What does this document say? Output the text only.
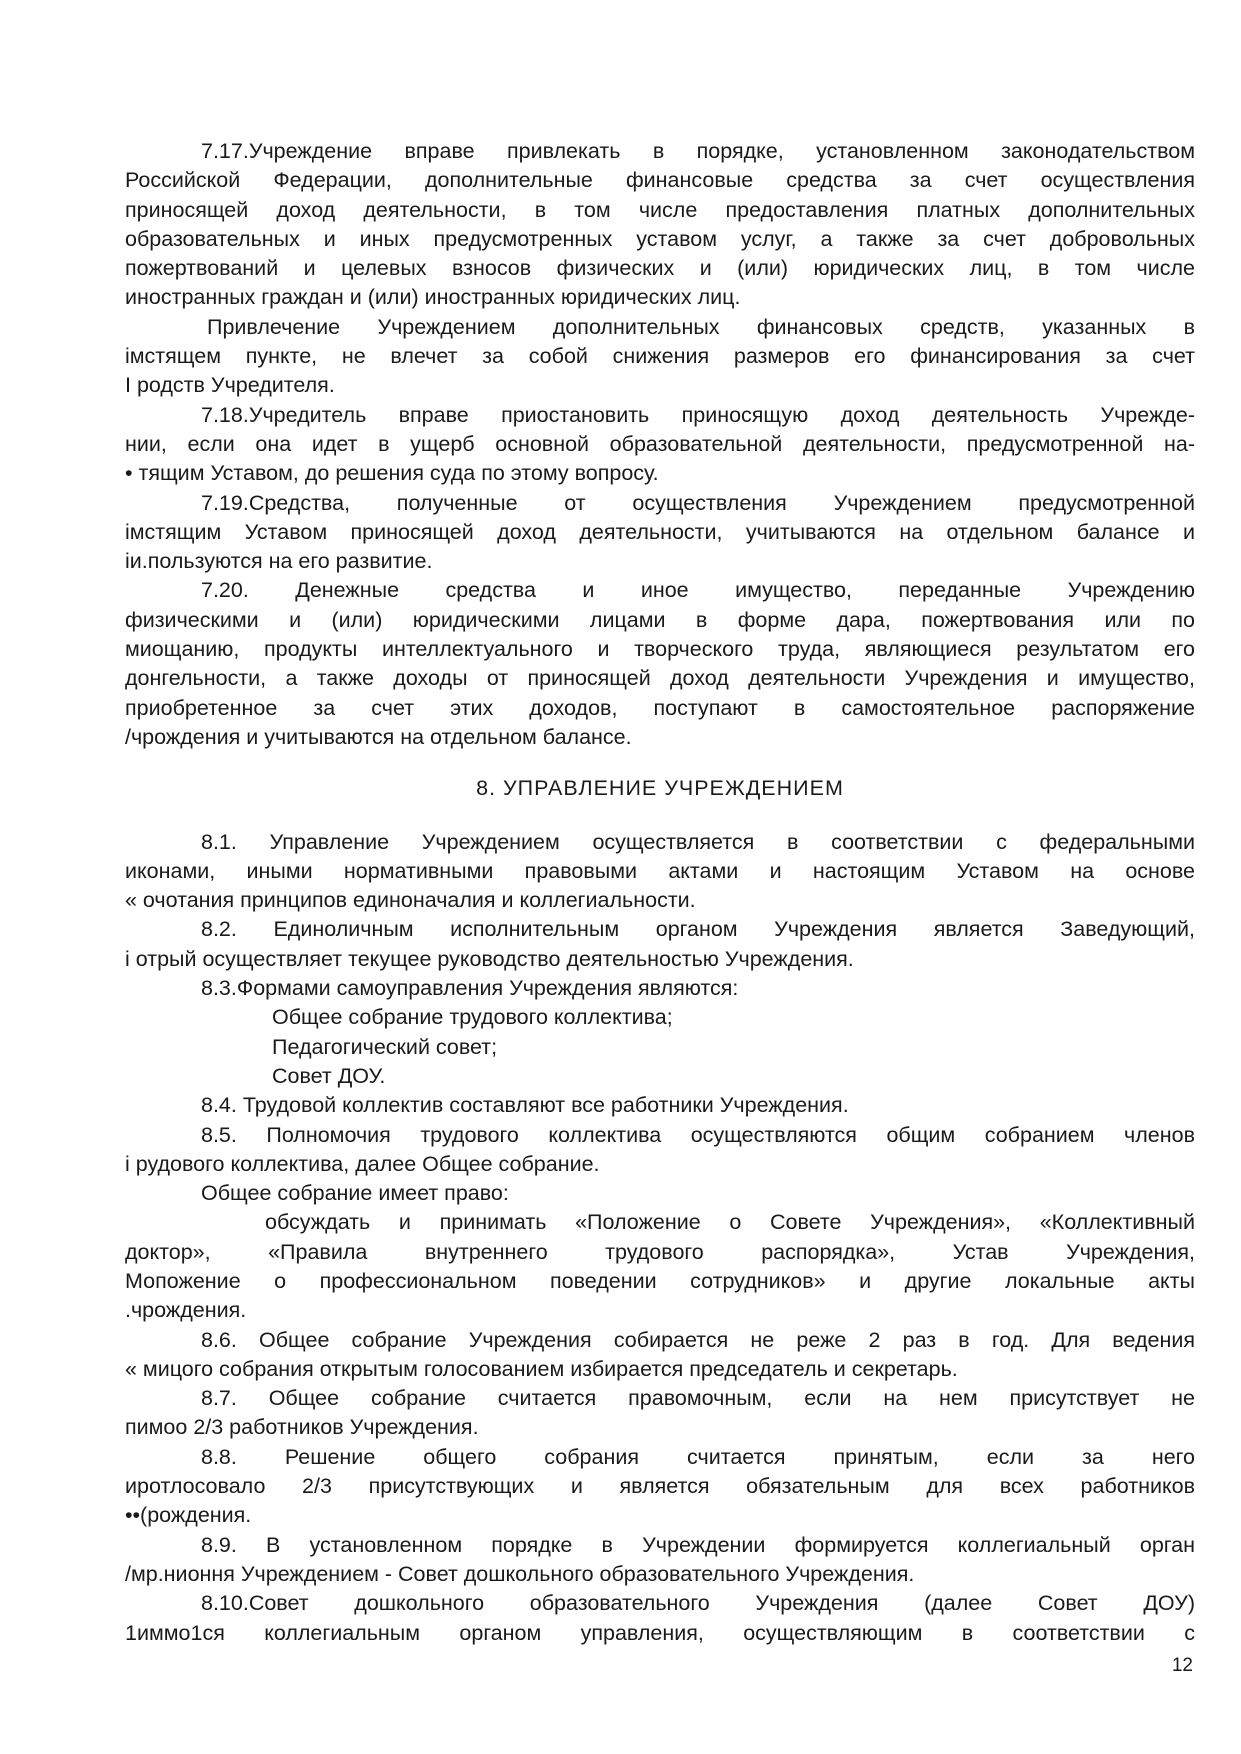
7.17.Учреждение вправе привлекать в порядке, установленном законодательством
Российской Федерации, дополнительные финансовые средства за счет осуществления
приносящей доход деятельности, в том числе предоставления платных дополнительных
образовательных и иных предусмотренных уставом услуг, а также за счет добровольных
пожертвований и целевых взносов физических и (или) юридических лиц, в том числе
иностранных граждан и (или) иностранных юридических лиц.

Привлечение Учреждением дополнительных финансовых средств, указанных в
імстящем пункте, не влечет за собой снижения размеров его финансирования за счет
І родств Учредителя.

7.18.Учредитель вправе приостановить приносящую доход деятельность Учрежде-
нии, если она идет в ущерб основной образовательной деятельности, предусмотренной на-
• тящим Уставом, до решения суда по этому вопросу.

7.19.Средства, полученные от осуществления Учреждением предусмотренной
імстящим Уставом приносящей доход деятельности, учитываются на отдельном балансе и
іи.пользуются на его развитие.

7.20. Денежные средства и иное имущество, переданные Учреждению
физическими и (или) юридическими лицами в форме дара, пожертвования или по
миощанию, продукты интеллектуального и творческого труда, являющиеся результатом его
донгельности, а также доходы от приносящей доход деятельности Учреждения и имущество,
приобретенное за счет этих доходов, поступают в самостоятельное распоряжение
/чрождения и учитываются на отдельном балансе.

8. УПРАВЛЕНИЕ УЧРЕЖДЕНИЕМ

8.1. Управление Учреждением осуществляется в соответствии с федеральными
иконами, иными нормативными правовыми актами и настоящим Уставом на основе
« очотания принципов единоначалия и коллегиальности.

8.2. Единоличным исполнительным органом Учреждения является Заведующий,
і отрый осуществляет текущее руководство деятельностью Учреждения.

8.3.Формами самоуправления Учреждения являются:

Общее собрание трудового коллектива;
Педагогический совет;
Совет ДОУ.

8.4. Трудовой коллектив составляют все работники Учреждения.

8.5. Полномочия трудового коллектива осуществляются общим собранием членов
і рудового коллектива, далее Общее собрание.

Общее собрание имеет право:

обсуждать и принимать «Положение о Совете Учреждения», «Коллективный
доктор», «Правила внутреннего трудового распорядка», Устав Учреждения,
Мопожение о профессиональном поведении сотрудников» и другие локальные акты
.чрождения.

8.6. Общее собрание Учреждения собирается не реже 2 раз в год. Для ведения
« мицого собрания открытым голосованием избирается председатель и секретарь.

8.7. Общее собрание считается правомочным, если на нем присутствует не
пимоо 2/3 работников Учреждения.

8.8. Решение общего собрания считается принятым, если за него
иротлосовало 2/3 присутствующих и является обязательным для всех работников
••(рождения.

8.9. В установленном порядке в Учреждении формируется коллегиальный орган
/мр.нионня Учреждением - Совет дошкольного образовательного Учреждения.

8.10.Совет дошкольного образовательного Учреждения (далее Совет ДОУ)
1иммо1ся коллегиальным органом управления, осуществляющим в соответствии с

12
